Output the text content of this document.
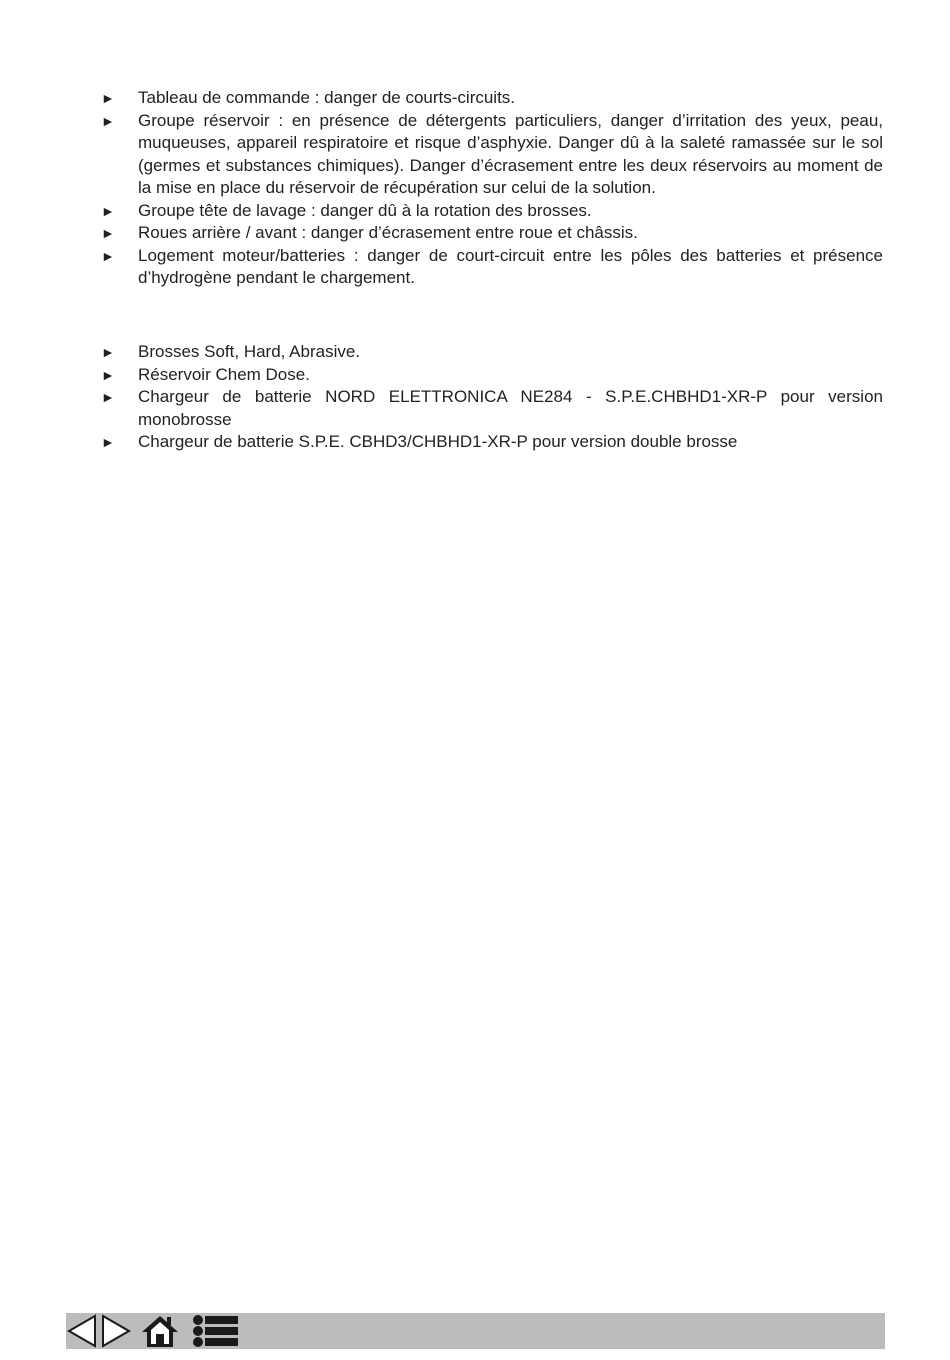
►	Tableau de commande : danger de courts-circuits.
►	Groupe réservoir : en présence de détergents particuliers, danger d’irritation des yeux, peau, muqueuses, appareil respiratoire et risque d’asphyxie. Danger dû à la saleté ramassée sur le sol (germes et substances chimiques). Danger d’écrasement entre les deux réservoirs au moment de la mise en place du réservoir de récupération sur celui de la solution.
►	Groupe tête de lavage : danger dû à la rotation des brosses.
►	Roues arrière / avant : danger d’écrasement entre roue et châssis.
►	Logement moteur/batteries : danger de court-circuit entre les pôles des batteries et présence d’hydrogène pendant le chargement.
►	Brosses Soft, Hard, Abrasive.
►	Réservoir Chem Dose.
►	Chargeur de batterie NORD ELETTRONICA NE284 - S.P.E.CHBHD1-XR-P pour version monobrosse
►	Chargeur de batterie S.P.E. CBHD3/CHBHD1-XR-P pour version double brosse
